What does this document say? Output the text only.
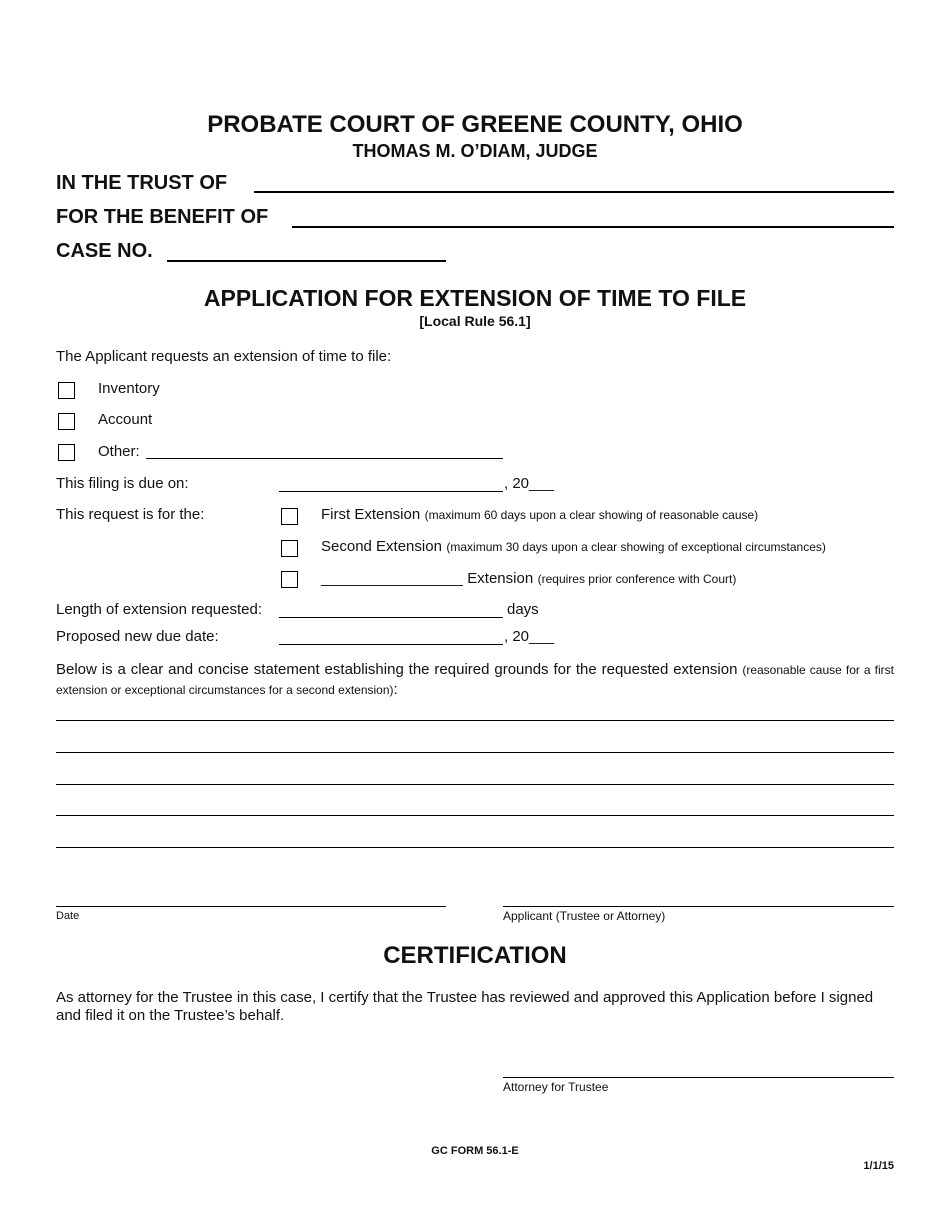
PROBATE COURT OF GREENE COUNTY, OHIO
THOMAS M. O’DIAM, JUDGE
IN THE TRUST OF
FOR THE BENEFIT OF
CASE NO.
APPLICATION FOR EXTENSION OF TIME TO FILE
[Local Rule 56.1]
The Applicant requests an extension of time to file:
Inventory
Account
Other:
This filing is due on:	, 20___
This request is for the:	First Extension (maximum 60 days upon a clear showing of reasonable cause)
Second Extension (maximum 30 days upon a clear showing of exceptional circumstances)
_________________ Extension (requires prior conference with Court)
Length of extension requested:	days
Proposed new due date:	, 20___
Below is a clear and concise statement establishing the required grounds for the requested extension (reasonable cause for a first extension or exceptional circumstances for a second extension):
Date	Applicant (Trustee or Attorney)
CERTIFICATION
As attorney for the Trustee in this case, I certify that the Trustee has reviewed and approved this Application before I signed and filed it on the Trustee’s behalf.
Attorney for Trustee
GC FORM 56.1-E
1/1/15
